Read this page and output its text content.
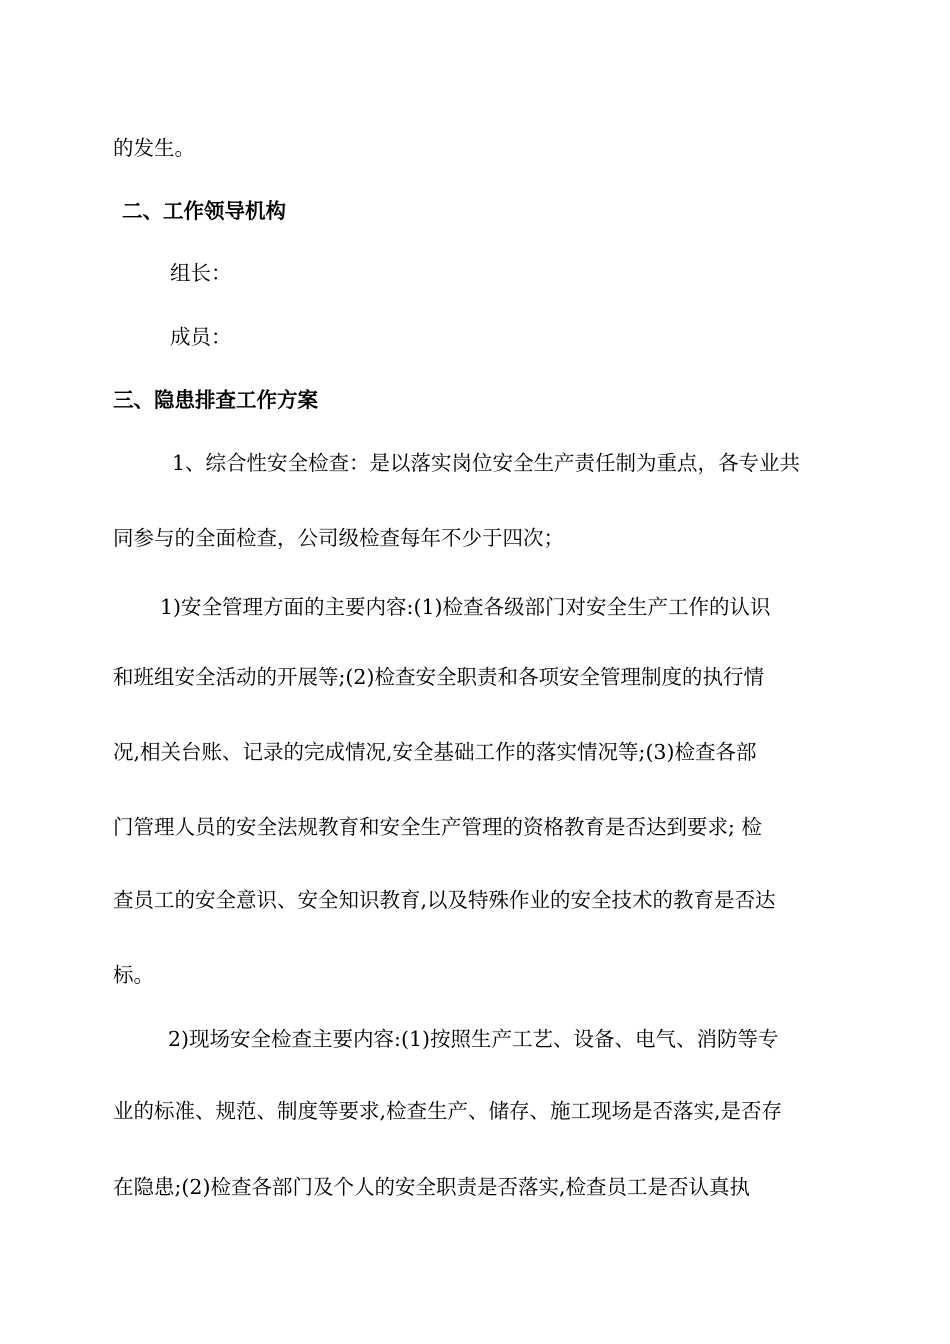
的发生。
二、工作领导机构
组长：
成员：
三、隐患排查工作方案
1、综合性安全检查：是以落实岗位安全生产责任制为重点，各专业共
同参与的全面检查，公司级检查每年不少于四次；
1)安全管理方面的主要内容:(1)检查各级部门对安全生产工作的认识
和班组安全活动的开展等;(2)检查安全职责和各项安全管理制度的执行情
况,相关台账、记录的完成情况,安全基础工作的落实情况等;(3)检查各部
门管理人员的安全法规教育和安全生产管理的资格教育是否达到要求; 检
查员工的安全意识、安全知识教育,以及特殊作业的安全技术的教育是否达
标。
2)现场安全检查主要内容:(1)按照生产工艺、设备、电气、消防等专
业的标准、规范、制度等要求,检查生产、储存、施工现场是否落实,是否存
在隐患;(2)检查各部门及个人的安全职责是否落实,检查员工是否认真执
